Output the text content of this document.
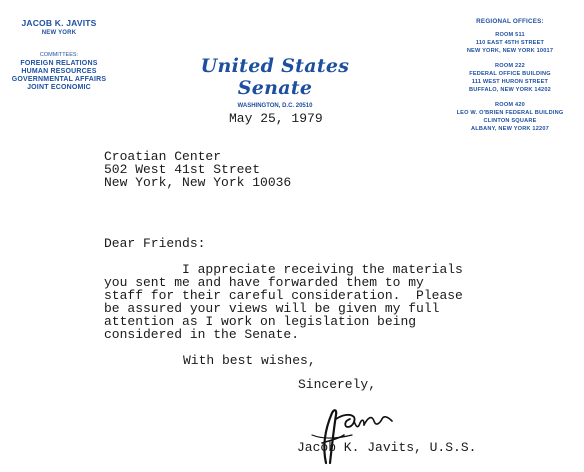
JACOB K. JAVITS
NEW YORK
COMMITTEES:
FOREIGN RELATIONS
HUMAN RESOURCES
GOVERNMENTAL AFFAIRS
JOINT ECONOMIC
United States Senate
WASHINGTON, D.C. 20510
REGIONAL OFFICES:
ROOM 511
110 EAST 45TH STREET
NEW YORK, NEW YORK 10017
ROOM 222
FEDERAL OFFICE BUILDING
111 WEST HURON STREET
BUFFALO, NEW YORK 14202
ROOM 420
LEO W. O'BRIEN FEDERAL BUILDING
CLINTON SQUARE
ALBANY, NEW YORK 12207
May 25, 1979
Croatian Center
502 West 41st Street
New York, New York 10036
Dear Friends:
I appreciate receiving the materials
you sent me and have forwarded them to my
staff for their careful consideration.  Please
be assured your views will be given my full
attention as I work on legislation being
considered in the Senate.
With best wishes,
Sincerely,
Jacob K. Javits, U.S.S.
